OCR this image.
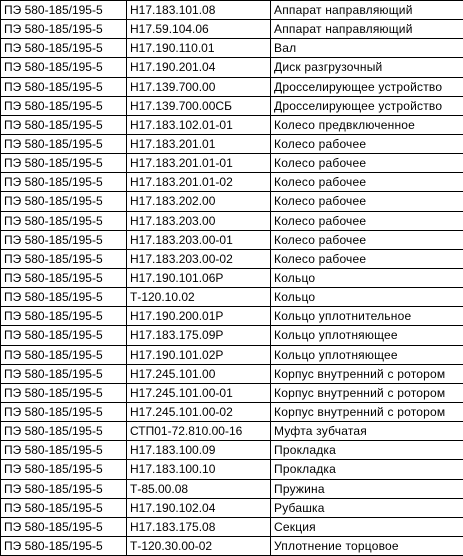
ПЭ 580-185/195-5	Н17.183.101.08	Аппарат направляющий
ПЭ 580-185/195-5	Н17.59.104.06	Аппарат направляющий
ПЭ 580-185/195-5	Н17.190.110.01	Вал
ПЭ 580-185/195-5	Н17.190.201.04	Диск разгрузочный
ПЭ 580-185/195-5	Н17.139.700.00	Дросселирующее устройство
ПЭ 580-185/195-5	Н17.139.700.00СБ	Дросселирующее устройство
ПЭ 580-185/195-5	Н17.183.102.01-01	Колесо предвключенное
ПЭ 580-185/195-5	Н17.183.201.01	Колесо рабочее
ПЭ 580-185/195-5	Н17.183.201.01-01	Колесо рабочее
ПЭ 580-185/195-5	Н17.183.201.01-02	Колесо рабочее
ПЭ 580-185/195-5	Н17.183.202.00	Колесо рабочее
ПЭ 580-185/195-5	Н17.183.203.00	Колесо рабочее
ПЭ 580-185/195-5	Н17.183.203.00-01	Колесо рабочее
ПЭ 580-185/195-5	Н17.183.203.00-02	Колесо рабочее
ПЭ 580-185/195-5	Н17.190.101.06Р	Кольцо
ПЭ 580-185/195-5	Т-120.10.02	Кольцо
ПЭ 580-185/195-5	Н17.190.200.01Р	Кольцо уплотнительное
ПЭ 580-185/195-5	Н17.183.175.09Р	Кольцо уплотняющее
ПЭ 580-185/195-5	Н17.190.101.02Р	Кольцо уплотняющее
ПЭ 580-185/195-5	Н17.245.101.00	Корпус внутренний с ротором
ПЭ 580-185/195-5	Н17.245.101.00-01	Корпус внутренний с ротором
ПЭ 580-185/195-5	Н17.245.101.00-02	Корпус внутренний с ротором
ПЭ 580-185/195-5	СТП01-72.810.00-16	Муфта зубчатая
ПЭ 580-185/195-5	Н17.183.100.09	Прокладка
ПЭ 580-185/195-5	Н17.183.100.10	Прокладка
ПЭ 580-185/195-5	Т-85.00.08	Пружина
ПЭ 580-185/195-5	Н17.190.102.04	Рубашка
ПЭ 580-185/195-5	Н17.183.175.08	Секция
ПЭ 580-185/195-5	Т-120.30.00-02	Уплотнение торцовое
